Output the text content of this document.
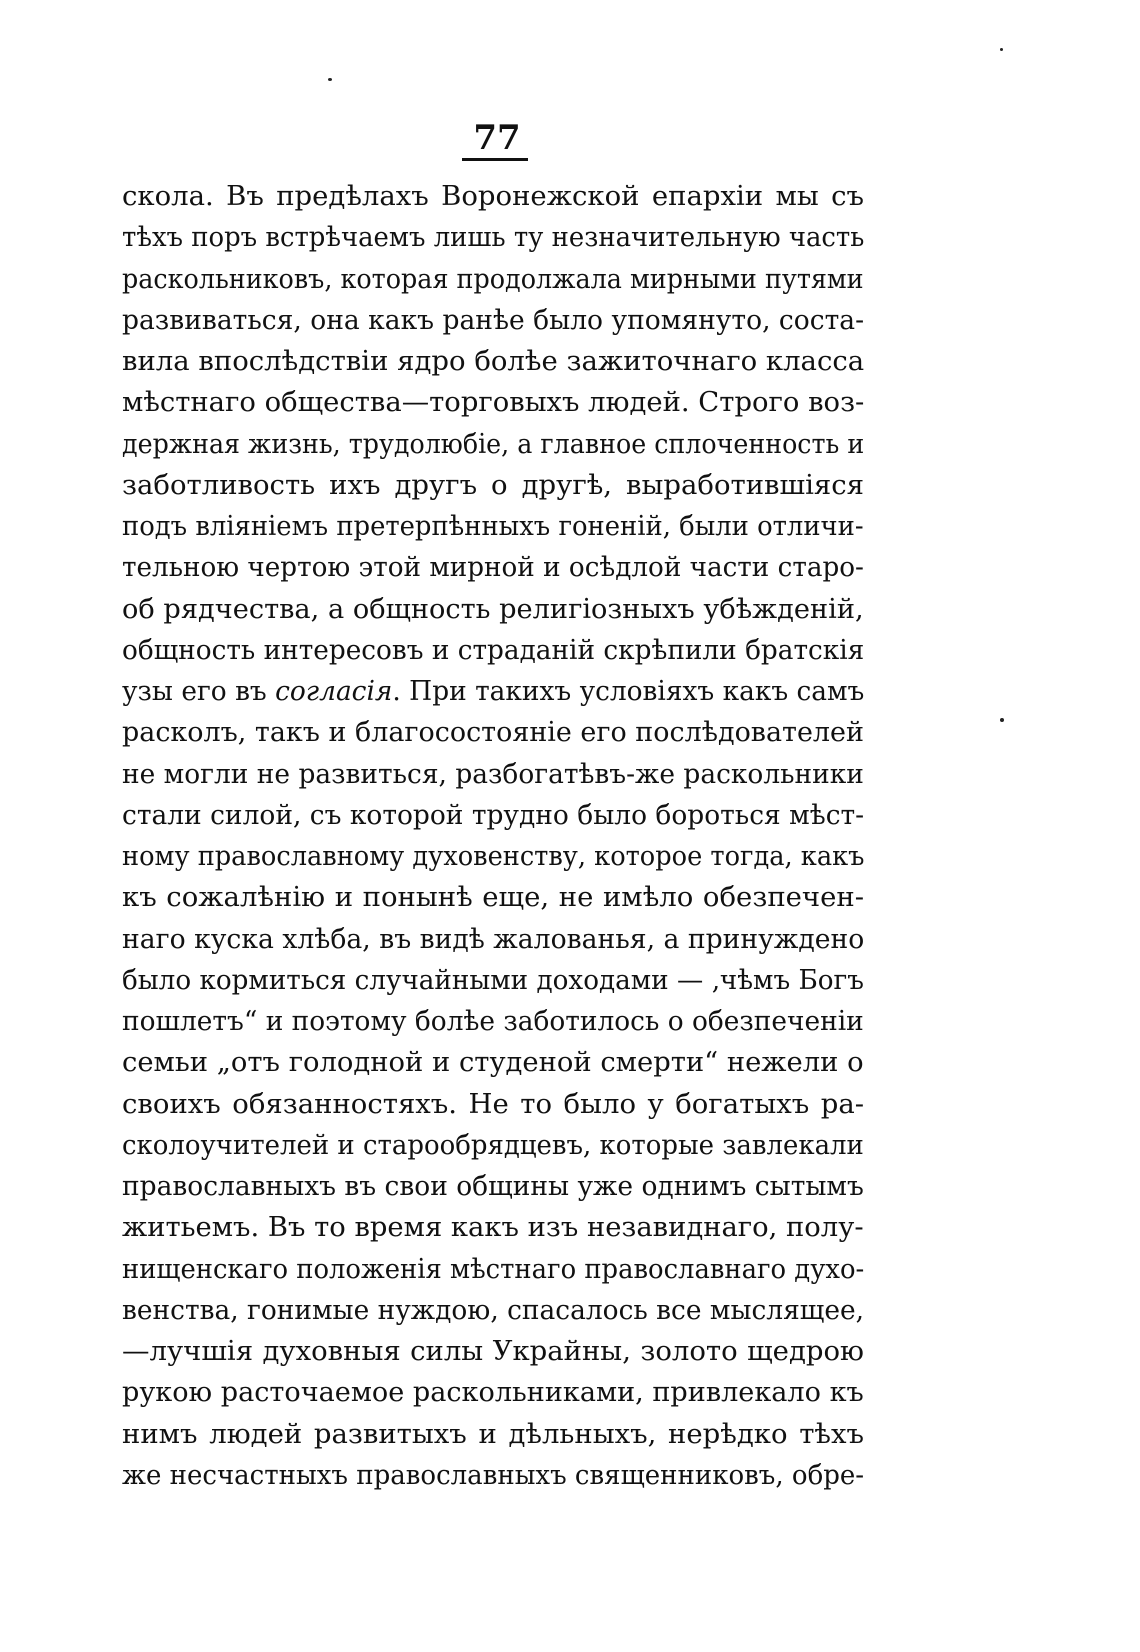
77
скола. Въ предѣлахъ Воронежской епархіи мы съ
тѣхъ поръ встрѣчаемъ лишь ту незначительную часть
раскольниковъ, которая продолжала мирными путями
развиваться, она какъ ранѣе было упомянуто, соста-
вила впослѣдствіи ядро болѣе зажиточнаго класса
мѣстнаго общества—торговыхъ людей. Строго воз-
держная жизнь, трудолюбіе, а главное сплоченность и
заботливость ихъ другъ о другѣ, выработившіяся
подъ вліяніемъ претерпѣнныхъ гоненій, были отличи-
тельною чертою этой мирной и осѣдлой части старо-
об рядчества, а общность религіозныхъ убѣжденій,
общность интересовъ и страданій скрѣпили братскія
узы его въ согласія. При такихъ условіяхъ какъ самъ
расколъ, такъ и благосостояніе его послѣдователей
не могли не развиться, разбогатѣвъ-же раскольники
стали силой, съ которой трудно было бороться мѣст-
ному православному духовенству, которое тогда, какъ
къ сожалѣнію и понынѣ еще, не имѣло обезпечен-
наго куска хлѣба, въ видѣ жалованья, а принуждено
было кормиться случайными доходами — ‚чѣмъ Богъ
пошлетъ“ и поэтому болѣе заботилось о обезпеченіи
семьи „отъ голодной и студеной смерти“ нежели о
своихъ обязанностяхъ. Не то было у богатыхъ ра-
сколоучителей и старообрядцевъ, которые завлекали
православныхъ въ свои общины уже однимъ сытымъ
житьемъ. Въ то время какъ изъ незавиднаго, полу-
нищенскаго положенія мѣстнаго православнаго духо-
венства, гонимые нуждою, спасалось все мыслящее,
—лучшія духовныя силы Украйны, золото щедрою
рукою расточаемое раскольниками, привлекало къ
нимъ людей развитыхъ и дѣльныхъ, нерѣдко тѣхъ
же несчастныхъ православныхъ священниковъ, обре-
